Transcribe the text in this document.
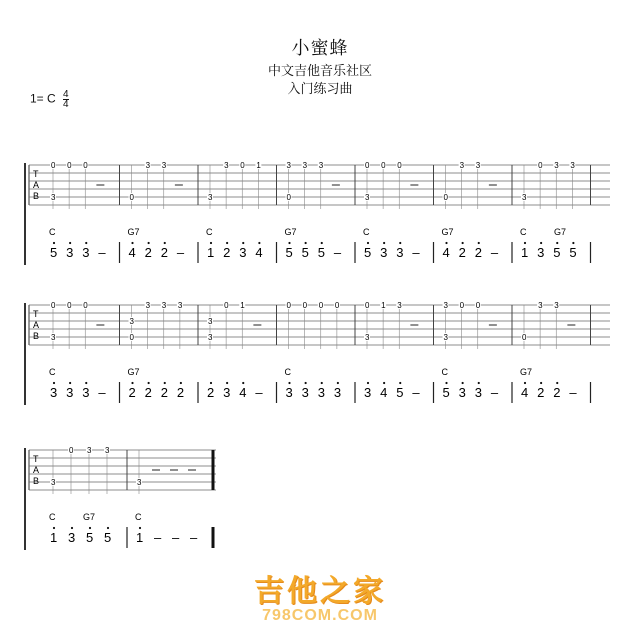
小蜜蜂
中文吉他音乐社区
入门练习曲
1= C $\frac{4}{4}$
T
A
B
C
0
3
5
0
3
0
3 –
G7
0
4
3
2
3
2 –
C
3
1
3
2
0
3
1
4
G7
3
0
5
3
5
3
5 –
C
0
3
5
0
3
0
3 –
G7
0
4
3
2
3
2 –
C	G7
3
1
0
3
3
5
3
5
T
A
B
C
0
3
3
0
3
0
3 –
G7
3
0
2
3
2
3
2
3
2
3
3
2
0
3
1
4 –
C
0
3
0
3
0
3
0
3
0
3
3
1
4
3
5 –
C
3
3
5
0
3
0
3 –
G7
0
4
3
2
3
2 –
T
A
B
C	G7
3
1
0
3
3
5
3
5
C
3
1 – – –
吉他之家
798COM.COM
